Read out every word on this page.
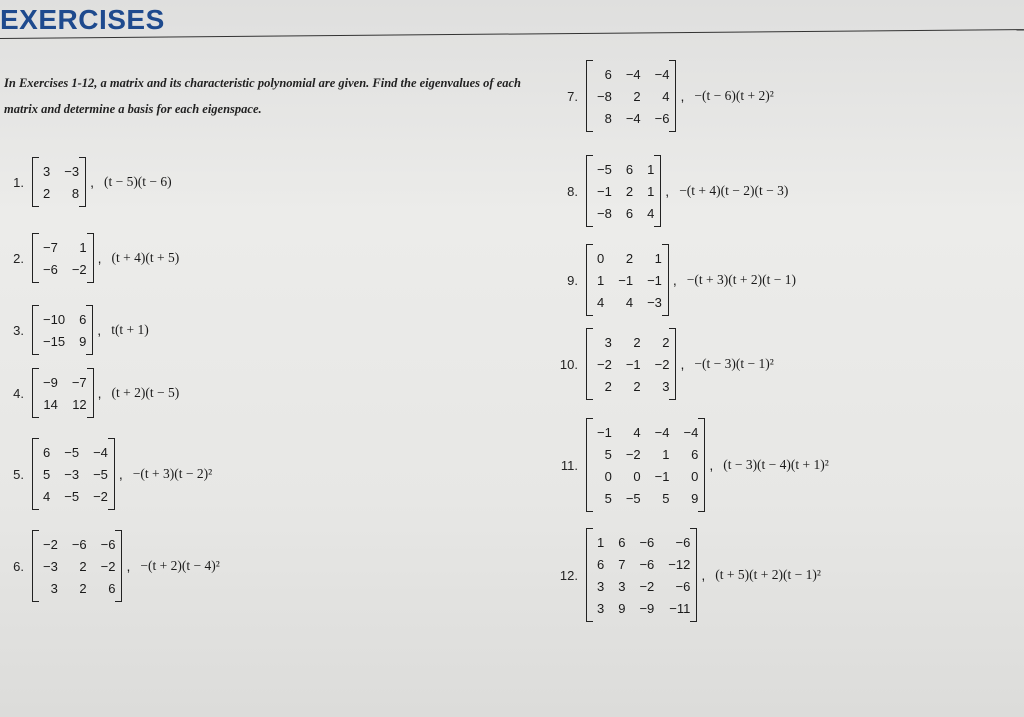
EXERCISES
In Exercises 1-12, a matrix and its characteristic polynomial are given. Find the eigenvalues of each matrix and determine a basis for each eigenspace.
1.
3	−3
2	8
, (t − 5)(t − 6)
2.
−7	1
−6	−2
, (t + 4)(t + 5)
3.
−10	6
−15	9
, t(t + 1)
4.
−9	−7
14	12
, (t + 2)(t − 5)
5.
6	−5	−4
5	−3	−5
4	−5	−2
, −(t + 3)(t − 2)²
6.
−2	−6	−6
−3	2	−2
3	2	6
, −(t + 2)(t − 4)²
7.
6	−4	−4
−8	2	4
8	−4	−6
, −(t − 6)(t + 2)²
8.
−5	6	1
−1	2	1
−8	6	4
, −(t + 4)(t − 2)(t − 3)
9.
0	2	1
1	−1	−1
4	4	−3
, −(t + 3)(t + 2)(t − 1)
10.
3	2	2
−2	−1	−2
2	2	3
, −(t − 3)(t − 1)²
11.
−1	4	−4	−4
5	−2	1	6
0	0	−1	0
5	−5	5	9
, (t − 3)(t − 4)(t + 1)²
12.
1	6	−6	−6
6	7	−6	−12
3	3	−2	−6
3	9	−9	−11
, (t + 5)(t + 2)(t − 1)²
